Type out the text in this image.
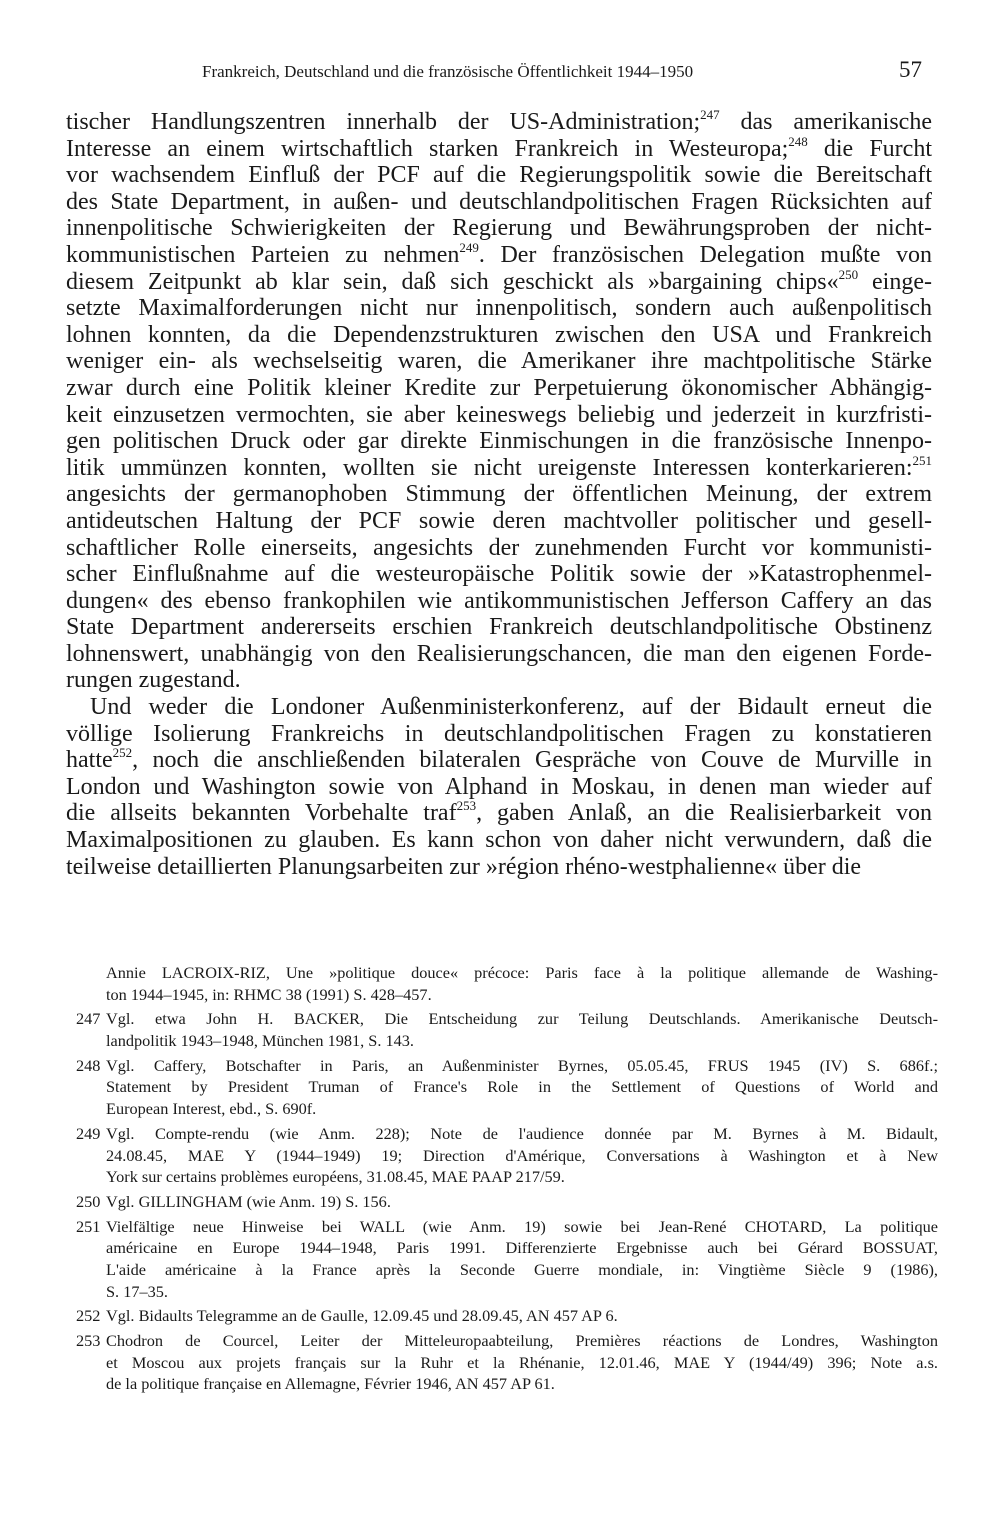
Frankreich, Deutschland und die französische Öffentlichkeit 1944–1950	57
tischer Handlungszentren innerhalb der US-Administration;$^{247}$ das amerikanische
Interesse an einem wirtschaftlich starken Frankreich in Westeuropa;$^{248}$ die Furcht
vor wachsendem Einfluß der PCF auf die Regierungspolitik sowie die Bereitschaft
des State Department, in außen- und deutschlandpolitischen Fragen Rücksichten auf
innenpolitische Schwierigkeiten der Regierung und Bewährungsproben der nicht-
kommunistischen Parteien zu nehmen$^{249}$. Der französischen Delegation mußte von
diesem Zeitpunkt ab klar sein, daß sich geschickt als »bargaining chips«$^{250}$ einge-
setzte Maximalforderungen nicht nur innenpolitisch, sondern auch außenpolitisch
lohnen konnten, da die Dependenzstrukturen zwischen den USA und Frankreich
weniger ein- als wechselseitig waren, die Amerikaner ihre machtpolitische Stärke
zwar durch eine Politik kleiner Kredite zur Perpetuierung ökonomischer Abhängig-
keit einzusetzen vermochten, sie aber keineswegs beliebig und jederzeit in kurzfristi-
gen politischen Druck oder gar direkte Einmischungen in die französische Innenpo-
litik ummünzen konnten, wollten sie nicht ureigenste Interessen konterkarieren:$^{251}$
angesichts der germanophoben Stimmung der öffentlichen Meinung, der extrem
antideutschen Haltung der PCF sowie deren machtvoller politischer und gesell-
schaftlicher Rolle einerseits, angesichts der zunehmenden Furcht vor kommunisti-
scher Einflußnahme auf die westeuropäische Politik sowie der »Katastrophenmel-
dungen« des ebenso frankophilen wie antikommunistischen Jefferson Caffery an das
State Department andererseits erschien Frankreich deutschlandpolitische Obstinenz
lohnenswert, unabhängig von den Realisierungschancen, die man den eigenen Forde-
rungen zugestand.
Und weder die Londoner Außenministerkonferenz, auf der Bidault erneut die
völlige Isolierung Frankreichs in deutschlandpolitischen Fragen zu konstatieren
hatte$^{252}$, noch die anschließenden bilateralen Gespräche von Couve de Murville in
London und Washington sowie von Alphand in Moskau, in denen man wieder auf
die allseits bekannten Vorbehalte traf$^{253}$, gaben Anlaß, an die Realisierbarkeit von
Maximalpositionen zu glauben. Es kann schon von daher nicht verwundern, daß die
teilweise detaillierten Planungsarbeiten zur »région rhéno-westphalienne« über die
Annie LACROIX-RIZ, Une »politique douce« précoce: Paris face à la politique allemande de Washing-
ton 1944–1945, in: RHMC 38 (1991) S. 428–457.
247 Vgl. etwa John H. BACKER, Die Entscheidung zur Teilung Deutschlands. Amerikanische Deutsch-
landpolitik 1943–1948, München 1981, S. 143.
248 Vgl. Caffery, Botschafter in Paris, an Außenminister Byrnes, 05.05.45, FRUS 1945 (IV) S. 686f.;
Statement by President Truman of France's Role in the Settlement of Questions of World and
European Interest, ebd., S. 690f.
249 Vgl. Compte-rendu (wie Anm. 228); Note de l'audience donnée par M. Byrnes à M. Bidault,
24.08.45, MAE Y (1944–1949) 19; Direction d'Amérique, Conversations à Washington et à New
York sur certains problèmes européens, 31.08.45, MAE PAAP 217/59.
250 Vgl. GILLINGHAM (wie Anm. 19) S. 156.
251 Vielfältige neue Hinweise bei WALL (wie Anm. 19) sowie bei Jean-René CHOTARD, La politique
américaine en Europe 1944–1948, Paris 1991. Differenzierte Ergebnisse auch bei Gérard BOSSUAT,
L'aide américaine à la France après la Seconde Guerre mondiale, in: Vingtième Siècle 9 (1986),
S. 17–35.
252 Vgl. Bidaults Telegramme an de Gaulle, 12.09.45 und 28.09.45, AN 457 AP 6.
253 Chodron de Courcel, Leiter der Mitteleuropaabteilung, Premières réactions de Londres, Washington
et Moscou aux projets français sur la Ruhr et la Rhénanie, 12.01.46, MAE Y (1944/49) 396; Note a.s.
de la politique française en Allemagne, Février 1946, AN 457 AP 61.
